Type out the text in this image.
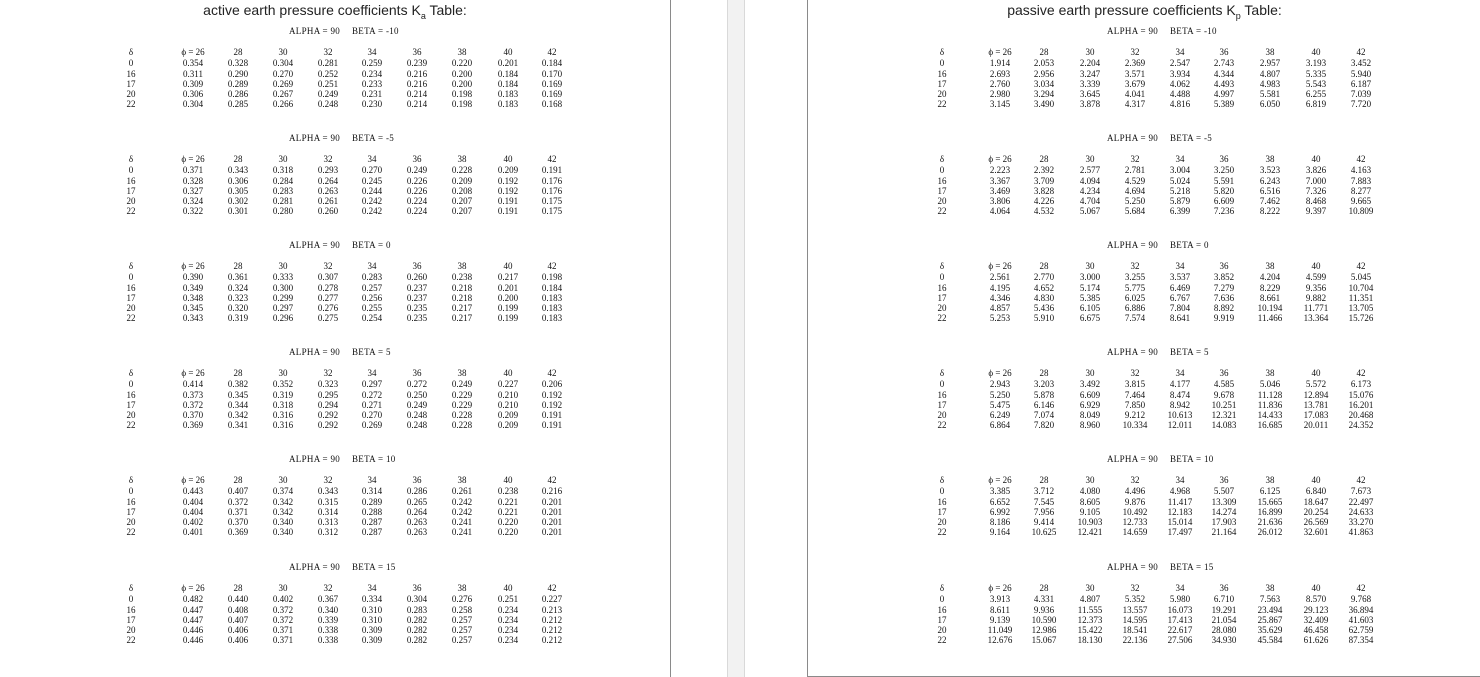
active earth pressure coefficients $K_a$ Table:
ALPHA = 90 BETA = -10
δ	ϕ = 26	28	30	32	34	36	38	40	42
0	0.354	0.328	0.304	0.281	0.259	0.239	0.220	0.201	0.184
16	0.311	0.290	0.270	0.252	0.234	0.216	0.200	0.184	0.170
17	0.309	0.289	0.269	0.251	0.233	0.216	0.200	0.184	0.169
20	0.306	0.286	0.267	0.249	0.231	0.214	0.198	0.183	0.169
22	0.304	0.285	0.266	0.248	0.230	0.214	0.198	0.183	0.168
ALPHA = 90 BETA = -5
δ	ϕ = 26	28	30	32	34	36	38	40	42
0	0.371	0.343	0.318	0.293	0.270	0.249	0.228	0.209	0.191
16	0.328	0.306	0.284	0.264	0.245	0.226	0.209	0.192	0.176
17	0.327	0.305	0.283	0.263	0.244	0.226	0.208	0.192	0.176
20	0.324	0.302	0.281	0.261	0.242	0.224	0.207	0.191	0.175
22	0.322	0.301	0.280	0.260	0.242	0.224	0.207	0.191	0.175
ALPHA = 90 BETA = 0
δ	ϕ = 26	28	30	32	34	36	38	40	42
0	0.390	0.361	0.333	0.307	0.283	0.260	0.238	0.217	0.198
16	0.349	0.324	0.300	0.278	0.257	0.237	0.218	0.201	0.184
17	0.348	0.323	0.299	0.277	0.256	0.237	0.218	0.200	0.183
20	0.345	0.320	0.297	0.276	0.255	0.235	0.217	0.199	0.183
22	0.343	0.319	0.296	0.275	0.254	0.235	0.217	0.199	0.183
ALPHA = 90 BETA = 5
δ	ϕ = 26	28	30	32	34	36	38	40	42
0	0.414	0.382	0.352	0.323	0.297	0.272	0.249	0.227	0.206
16	0.373	0.345	0.319	0.295	0.272	0.250	0.229	0.210	0.192
17	0.372	0.344	0.318	0.294	0.271	0.249	0.229	0.210	0.192
20	0.370	0.342	0.316	0.292	0.270	0.248	0.228	0.209	0.191
22	0.369	0.341	0.316	0.292	0.269	0.248	0.228	0.209	0.191
ALPHA = 90 BETA = 10
δ	ϕ = 26	28	30	32	34	36	38	40	42
0	0.443	0.407	0.374	0.343	0.314	0.286	0.261	0.238	0.216
16	0.404	0.372	0.342	0.315	0.289	0.265	0.242	0.221	0.201
17	0.404	0.371	0.342	0.314	0.288	0.264	0.242	0.221	0.201
20	0.402	0.370	0.340	0.313	0.287	0.263	0.241	0.220	0.201
22	0.401	0.369	0.340	0.312	0.287	0.263	0.241	0.220	0.201
ALPHA = 90 BETA = 15
δ	ϕ = 26	28	30	32	34	36	38	40	42
0	0.482	0.440	0.402	0.367	0.334	0.304	0.276	0.251	0.227
16	0.447	0.408	0.372	0.340	0.310	0.283	0.258	0.234	0.213
17	0.447	0.407	0.372	0.339	0.310	0.282	0.257	0.234	0.212
20	0.446	0.406	0.371	0.338	0.309	0.282	0.257	0.234	0.212
22	0.446	0.406	0.371	0.338	0.309	0.282	0.257	0.234	0.212
passive earth pressure coefficients $K_p$ Table:
ALPHA = 90 BETA = -10
δ	ϕ = 26	28	30	32	34	36	38	40	42
0	1.914	2.053	2.204	2.369	2.547	2.743	2.957	3.193	3.452
16	2.693	2.956	3.247	3.571	3.934	4.344	4.807	5.335	5.940
17	2.760	3.034	3.339	3.679	4.062	4.493	4.983	5.543	6.187
20	2.980	3.294	3.645	4.041	4.488	4.997	5.581	6.255	7.039
22	3.145	3.490	3.878	4.317	4.816	5.389	6.050	6.819	7.720
ALPHA = 90 BETA = -5
δ	ϕ = 26	28	30	32	34	36	38	40	42
0	2.223	2.392	2.577	2.781	3.004	3.250	3.523	3.826	4.163
16	3.367	3.709	4.094	4.529	5.024	5.591	6.243	7.000	7.883
17	3.469	3.828	4.234	4.694	5.218	5.820	6.516	7.326	8.277
20	3.806	4.226	4.704	5.250	5.879	6.609	7.462	8.468	9.665
22	4.064	4.532	5.067	5.684	6.399	7.236	8.222	9.397	10.809
ALPHA = 90 BETA = 0
δ	ϕ = 26	28	30	32	34	36	38	40	42
0	2.561	2.770	3.000	3.255	3.537	3.852	4.204	4.599	5.045
16	4.195	4.652	5.174	5.775	6.469	7.279	8.229	9.356	10.704
17	4.346	4.830	5.385	6.025	6.767	7.636	8.661	9.882	11.351
20	4.857	5.436	6.105	6.886	7.804	8.892	10.194	11.771	13.705
22	5.253	5.910	6.675	7.574	8.641	9.919	11.466	13.364	15.726
ALPHA = 90 BETA = 5
δ	ϕ = 26	28	30	32	34	36	38	40	42
0	2.943	3.203	3.492	3.815	4.177	4.585	5.046	5.572	6.173
16	5.250	5.878	6.609	7.464	8.474	9.678	11.128	12.894	15.076
17	5.475	6.146	6.929	7.850	8.942	10.251	11.836	13.781	16.201
20	6.249	7.074	8.049	9.212	10.613	12.321	14.433	17.083	20.468
22	6.864	7.820	8.960	10.334	12.011	14.083	16.685	20.011	24.352
ALPHA = 90 BETA = 10
δ	ϕ = 26	28	30	32	34	36	38	40	42
0	3.385	3.712	4.080	4.496	4.968	5.507	6.125	6.840	7.673
16	6.652	7.545	8.605	9.876	11.417	13.309	15.665	18.647	22.497
17	6.992	7.956	9.105	10.492	12.183	14.274	16.899	20.254	24.633
20	8.186	9.414	10.903	12.733	15.014	17.903	21.636	26.569	33.270
22	9.164	10.625	12.421	14.659	17.497	21.164	26.012	32.601	41.863
ALPHA = 90 BETA = 15
δ	ϕ = 26	28	30	32	34	36	38	40	42
0	3.913	4.331	4.807	5.352	5.980	6.710	7.563	8.570	9.768
16	8.611	9.936	11.555	13.557	16.073	19.291	23.494	29.123	36.894
17	9.139	10.590	12.373	14.595	17.413	21.054	25.867	32.409	41.603
20	11.049	12.986	15.422	18.541	22.617	28.080	35.629	46.458	62.759
22	12.676	15.067	18.130	22.136	27.506	34.930	45.584	61.626	87.354
